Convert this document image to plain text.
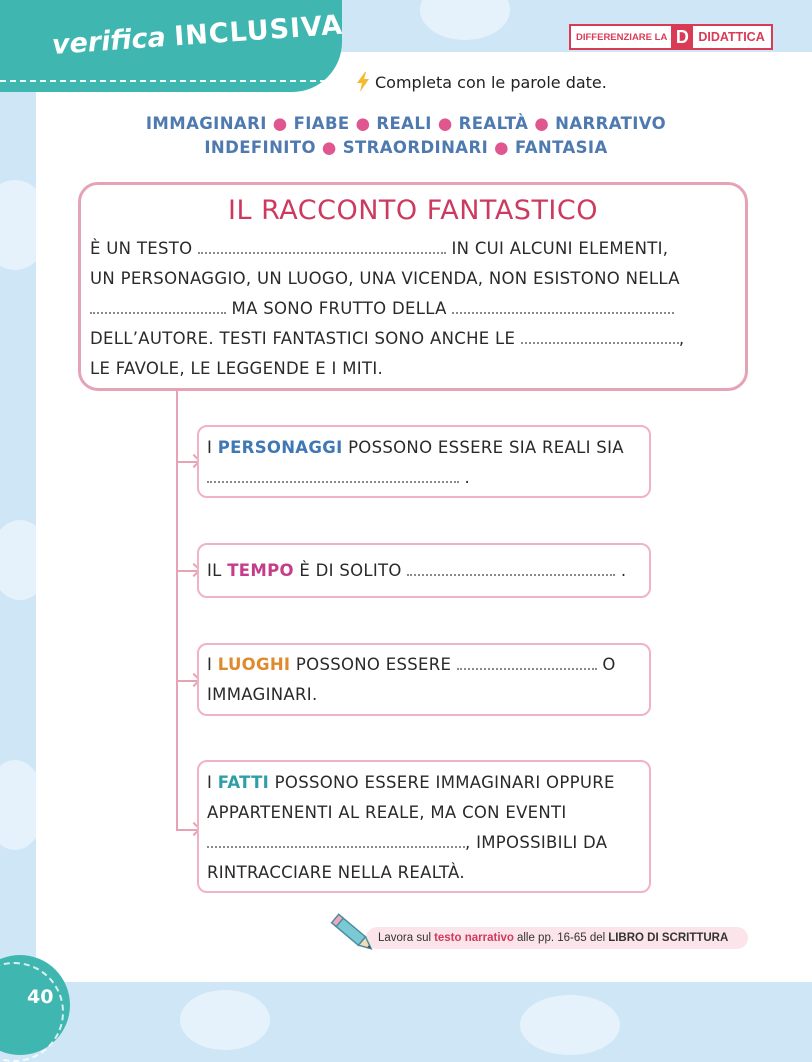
verifica INCLUSIVA	DIFFERENZIARE LA D DIDATTICA
Completa con le parole date.
IMMAGINARI ● FIABE ● REALI ● REALTÀ ● NARRATIVO
INDEFINITO ● STRAORDINARI ● FANTASIA
IL RACCONTO FANTASTICO
È UN TESTO	IN CUI ALCUNI ELEMENTI,
UN PERSONAGGIO, UN LUOGO, UNA VICENDA, NON ESISTONO NELLA
MA SONO FRUTTO DELLA
DELL’AUTORE. TESTI FANTASTICI SONO ANCHE LE	,
LE FAVOLE, LE LEGGENDE E I MITI.
I PERSONAGGI POSSONO ESSERE SIA REALI SIA
.
IL TEMPO È DI SOLITO	.
I LUOGHI POSSONO ESSERE	O
IMMAGINARI.
I FATTI POSSONO ESSERE IMMAGINARI OPPURE
APPARTENENTI AL REALE, MA CON EVENTI
, IMPOSSIBILI DA
RINTRACCIARE NELLA REALTÀ.
Lavora sul testo narrativo alle pp. 16-65 del LIBRO DI SCRITTURA
40
